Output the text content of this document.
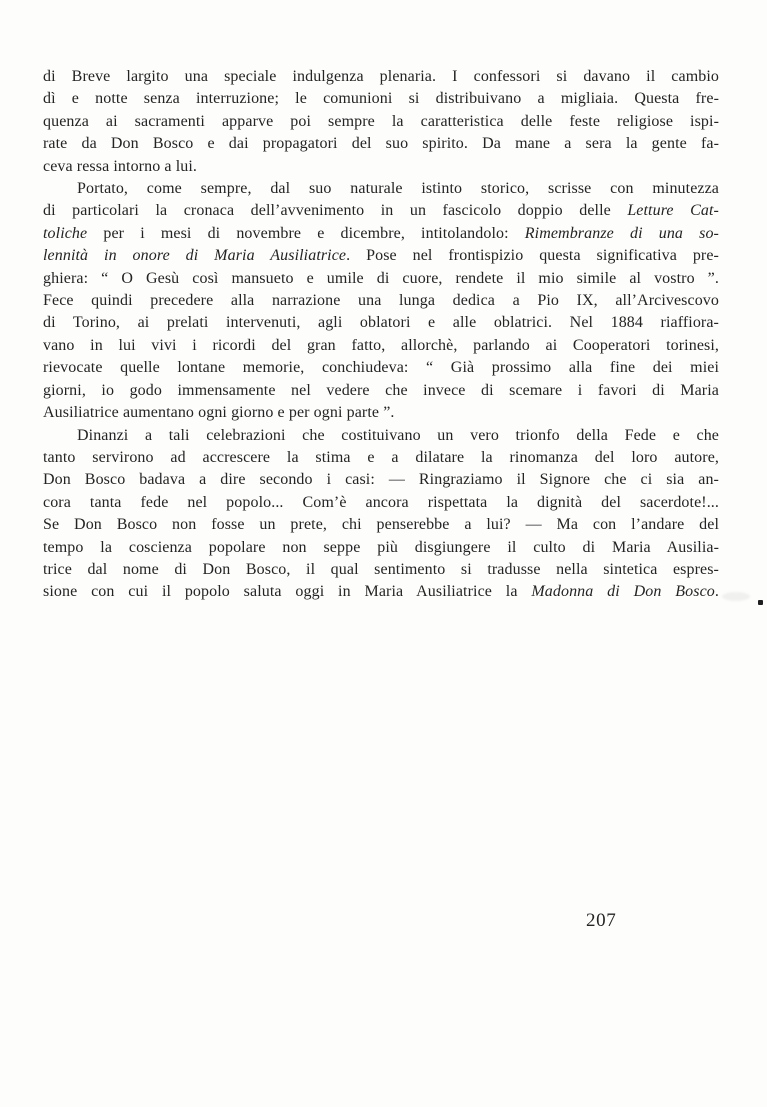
di Breve largito una speciale indulgenza plenaria. I confessori si davano il cambio
dì e notte senza interruzione; le comunioni si distribuivano a migliaia. Questa fre-
quenza ai sacramenti apparve poi sempre la caratteristica delle feste religiose ispi-
rate da Don Bosco e dai propagatori del suo spirito. Da mane a sera la gente fa-
ceva ressa intorno a lui.
Portato, come sempre, dal suo naturale istinto storico, scrisse con minutezza
di particolari la cronaca dell’avvenimento in un fascicolo doppio delle Letture Cat-
toliche per i mesi di novembre e dicembre, intitolandolo: Rimembranze di una so-
lennità in onore di Maria Ausiliatrice. Pose nel frontispizio questa significativa pre-
ghiera: “ O Gesù così mansueto e umile di cuore, rendete il mio simile al vostro ”.
Fece quindi precedere alla narrazione una lunga dedica a Pio IX, all’Arcivescovo
di Torino, ai prelati intervenuti, agli oblatori e alle oblatrici. Nel 1884 riaffiora-
vano in lui vivi i ricordi del gran fatto, allorchè, parlando ai Cooperatori torinesi,
rievocate quelle lontane memorie, conchiudeva: “ Già prossimo alla fine dei miei
giorni, io godo immensamente nel vedere che invece di scemare i favori di Maria
Ausiliatrice aumentano ogni giorno e per ogni parte ”.
Dinanzi a tali celebrazioni che costituivano un vero trionfo della Fede e che
tanto servirono ad accrescere la stima e a dilatare la rinomanza del loro autore,
Don Bosco badava a dire secondo i casi: — Ringraziamo il Signore che ci sia an-
cora tanta fede nel popolo... Com’è ancora rispettata la dignità del sacerdote!...
Se Don Bosco non fosse un prete, chi penserebbe a lui? — Ma con l’andare del
tempo la coscienza popolare non seppe più disgiungere il culto di Maria Ausilia-
trice dal nome di Don Bosco, il qual sentimento si tradusse nella sintetica espres-
sione con cui il popolo saluta oggi in Maria Ausiliatrice la Madonna di Don Bosco.
207
